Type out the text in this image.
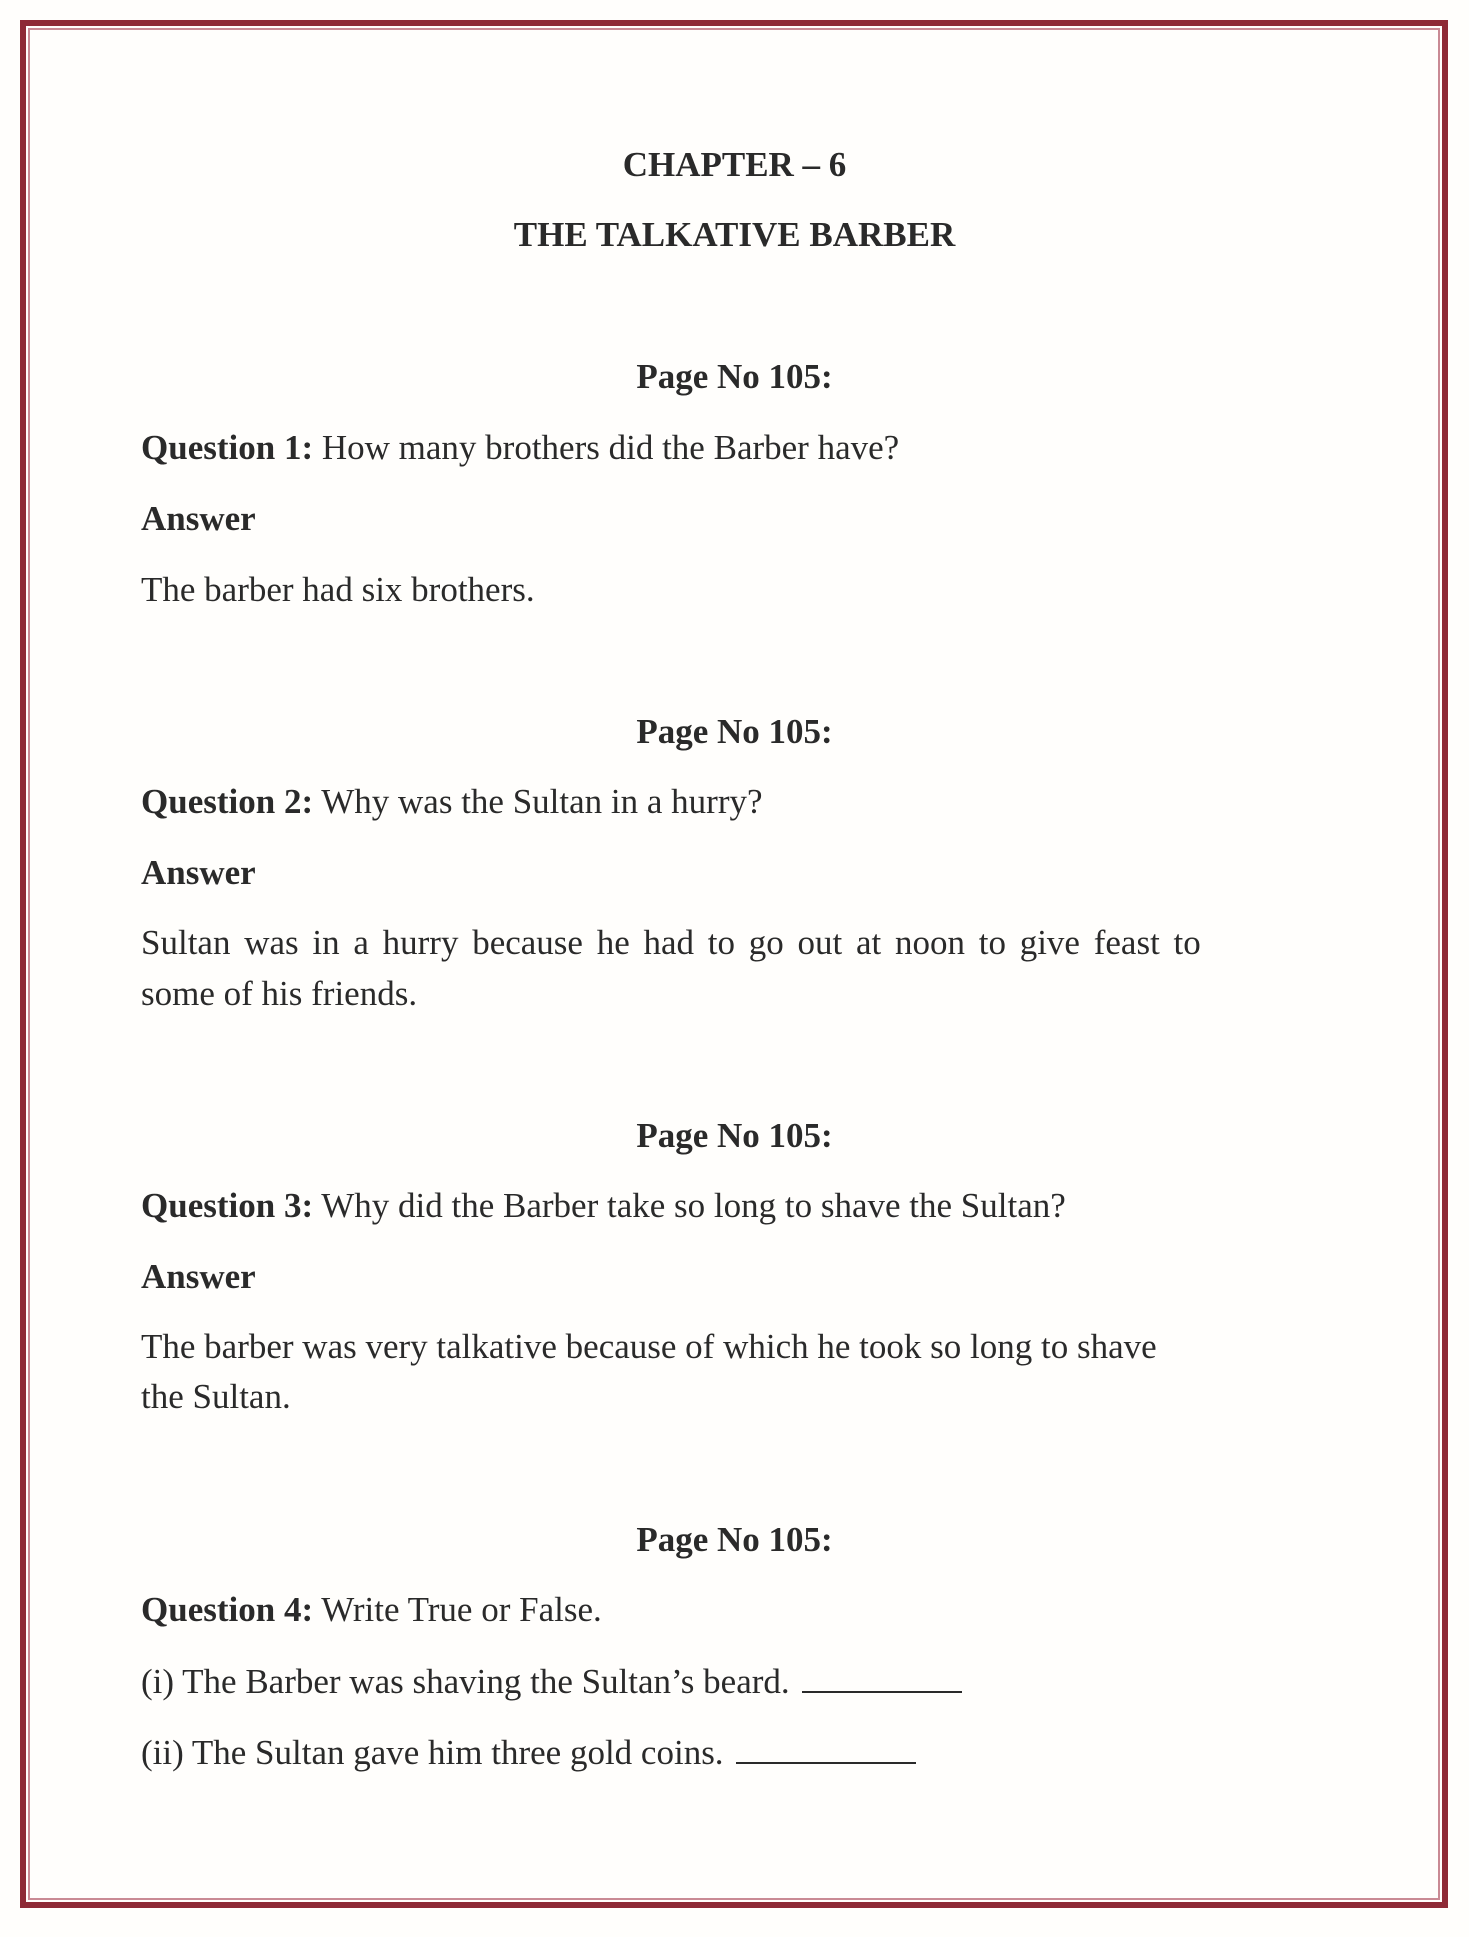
CHAPTER – 6
THE TALKATIVE BARBER
Page No 105:
Question 1: How many brothers did the Barber have?
Answer
The barber had six brothers.
Page No 105:
Question 2: Why was the Sultan in a hurry?
Answer
Sultan was in a hurry because he had to go out at noon to give feast to
some of his friends.
Page No 105:
Question 3: Why did the Barber take so long to shave the Sultan?
Answer
The barber was very talkative because of which he took so long to shave
the Sultan.
Page No 105:
Question 4: Write True or False.
(i) The Barber was shaving the Sultan’s beard.
(ii) The Sultan gave him three gold coins.
